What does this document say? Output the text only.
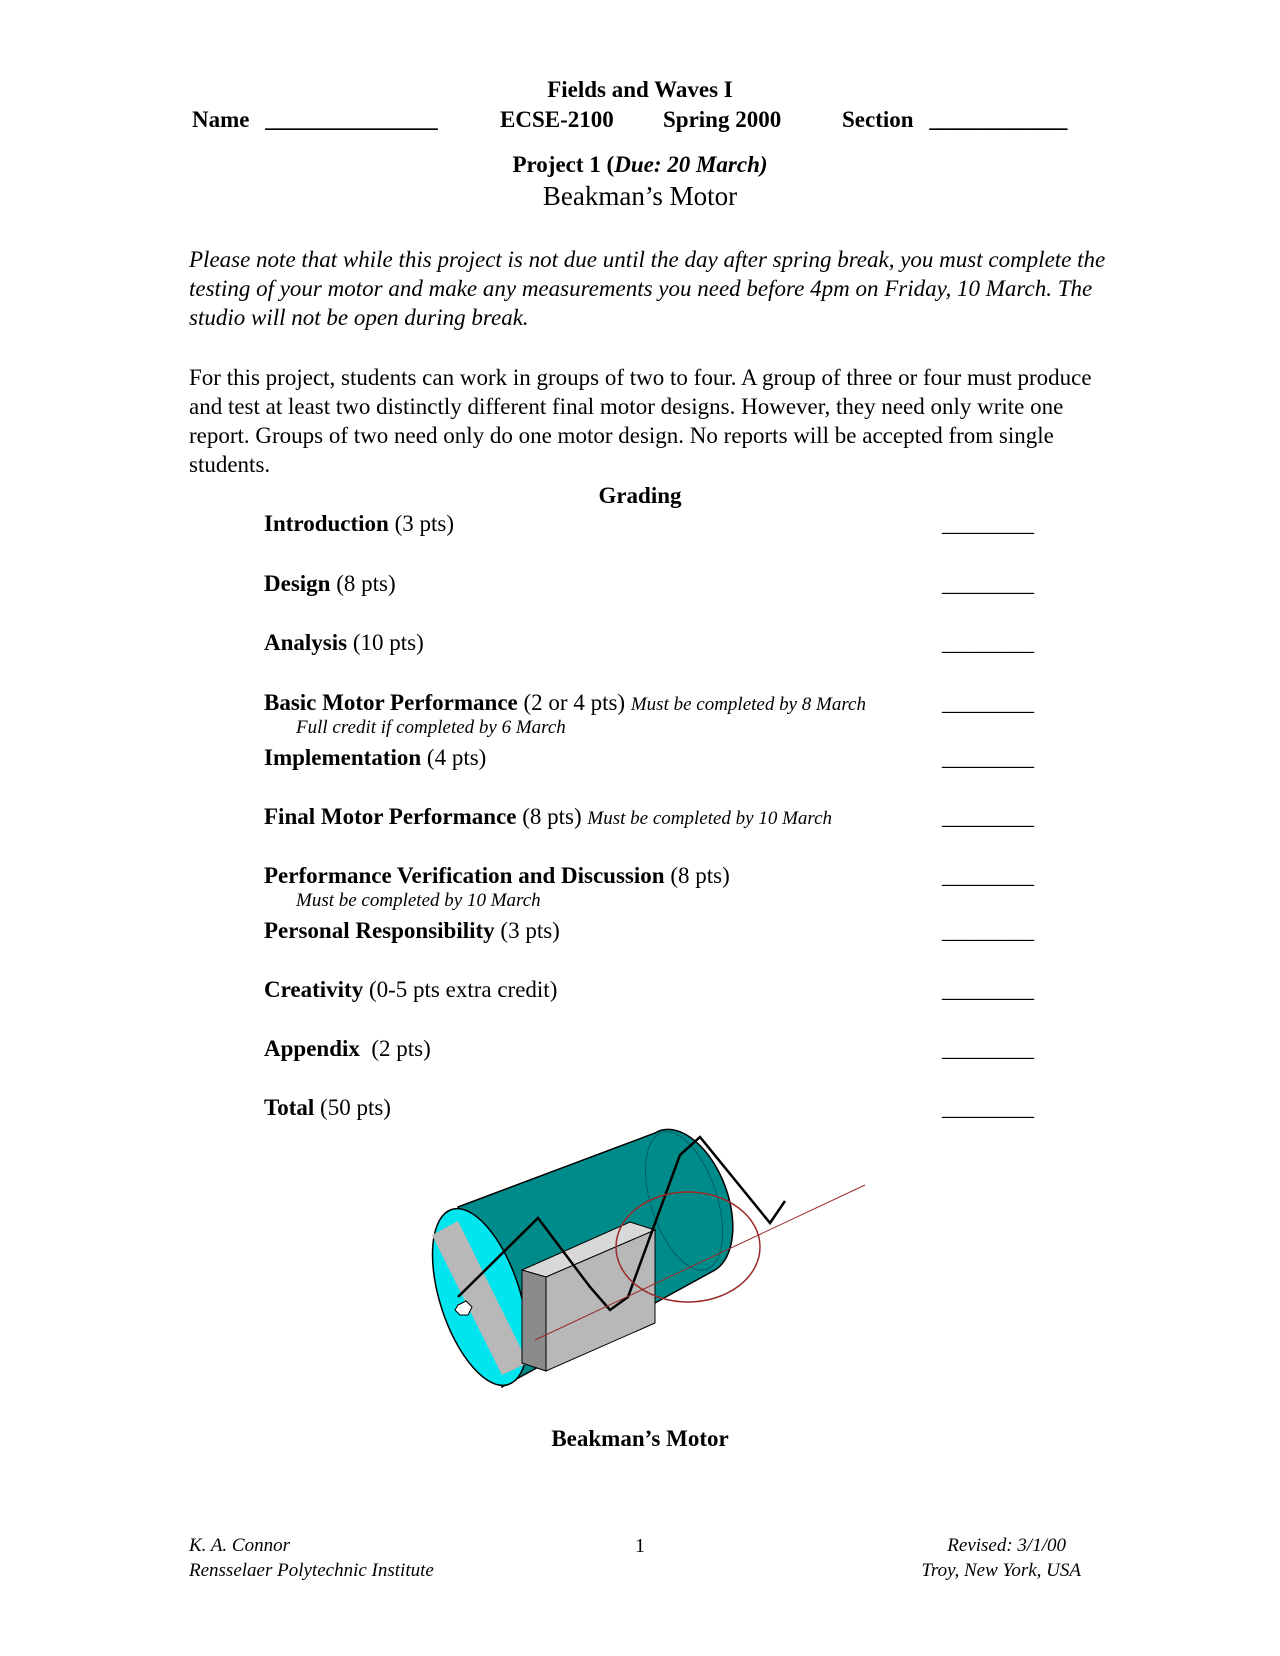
Fields and Waves I
Name _______________	ECSE-2100 Spring 2000	Section ____________
Project 1 (Due: 20 March)
Beakman’s Motor
Please note that while this project is not due until the day after spring break, you must complete the testing of your motor and make any measurements you need before 4pm on Friday, 10 March. The studio will not be open during break.
For this project, students can work in groups of two to four. A group of three or four must produce and test at least two distinctly different final motor designs. However, they need only write one report. Groups of two need only do one motor design. No reports will be accepted from single students.
Grading
Introduction (3 pts)	________
Design (8 pts)	________
Analysis (10 pts)	________
Basic Motor Performance (2 or 4 pts) Must be completed by 8 March
Full credit if completed by 6 March
________
Implementation (4 pts)	________
Final Motor Performance (8 pts) Must be completed by 10 March	________
Performance Verification and Discussion (8 pts)
Must be completed by 10 March
________
Personal Responsibility (3 pts)	________
Creativity (0-5 pts extra credit)	________
Appendix  (2 pts)	________
Total (50 pts)	________
Beakman’s Motor
K. A. Connor
Rensselaer Polytechnic Institute
1	Revised: 3/1/00
Troy, New York, USA
